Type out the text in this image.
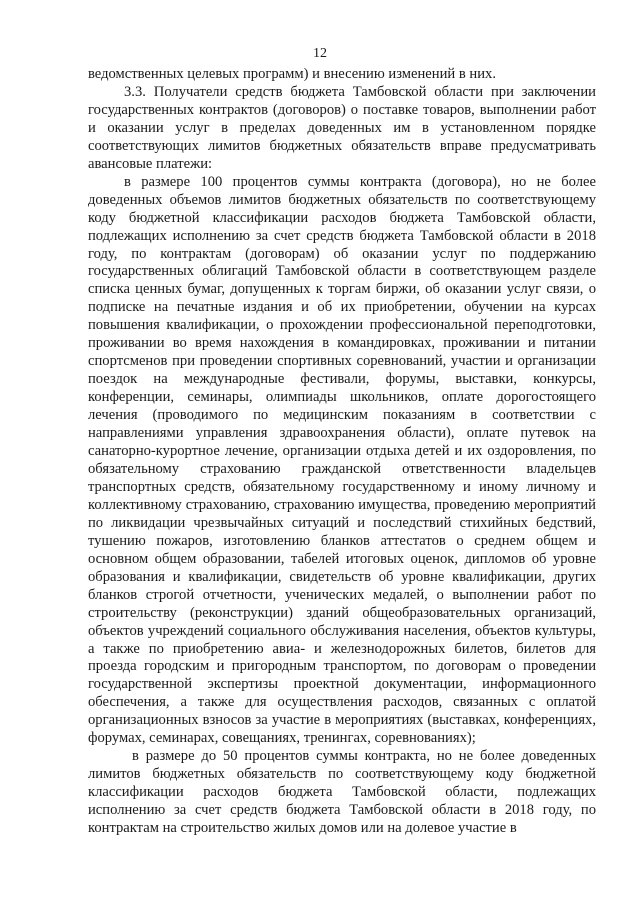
12

ведомственных целевых программ) и внесению изменений в них.

3.3. Получатели средств бюджета Тамбовской области при заключении государственных контрактов (договоров) о поставке товаров, выполнении работ и оказании услуг в пределах доведенных им в установленном порядке соответствующих лимитов бюджетных обязательств вправе предусматривать авансовые платежи:

в размере 100 процентов суммы контракта (договора), но не более доведенных объемов лимитов бюджетных обязательств по соответствующему коду бюджетной классификации расходов бюджета Тамбовской области, подлежащих исполнению за счет средств бюджета Тамбовской области в 2018 году, по контрактам (договорам) об оказании услуг по поддержанию государственных облигаций Тамбовской области в соответствующем разделе списка ценных бумаг, допущенных к торгам биржи, об оказании услуг связи, о подписке на печатные издания и об их приобретении, обучении на курсах повышения квалификации, о прохождении профессиональной переподготовки, проживании во время нахождения в командировках, проживании и питании спортсменов при проведении спортивных соревнований, участии и организации поездок на международные фестивали, форумы, выставки, конкурсы, конференции, семинары, олимпиады школьников, оплате дорогостоящего лечения (проводимого по медицинским показаниям в соответствии с направлениями управления здравоохранения области), оплате путевок на санаторно-курортное лечение, организации отдыха детей и их оздоровления, по обязательному страхованию гражданской ответственности владельцев транспортных средств, обязательному государственному и иному личному и коллективному страхованию, страхованию имущества, проведению мероприятий по ликвидации чрезвычайных ситуаций и последствий стихийных бедствий, тушению пожаров, изготовлению бланков аттестатов о среднем общем и основном общем образовании, табелей итоговых оценок, дипломов об уровне образования и квалификации, свидетельств об уровне квалификации, других бланков строгой отчетности, ученических медалей, о выполнении работ по строительству (реконструкции) зданий общеобразовательных организаций, объектов учреждений социального обслуживания населения, объектов культуры, а также по приобретению авиа- и железнодорожных билетов, билетов для проезда городским и пригородным транспортом, по договорам о проведении государственной экспертизы проектной документации, информационного обеспечения, а также для осуществления расходов, связанных с оплатой организационных взносов за участие в мероприятиях (выставках, конференциях, форумах, семинарах, совещаниях, тренингах, соревнованиях);

в размере до 50 процентов суммы контракта, но не более доведенных лимитов бюджетных обязательств по соответствующему коду бюджетной классификации расходов бюджета Тамбовской области, подлежащих исполнению за счет средств бюджета Тамбовской области в 2018 году, по контрактам на строительство жилых домов или на долевое участие в
